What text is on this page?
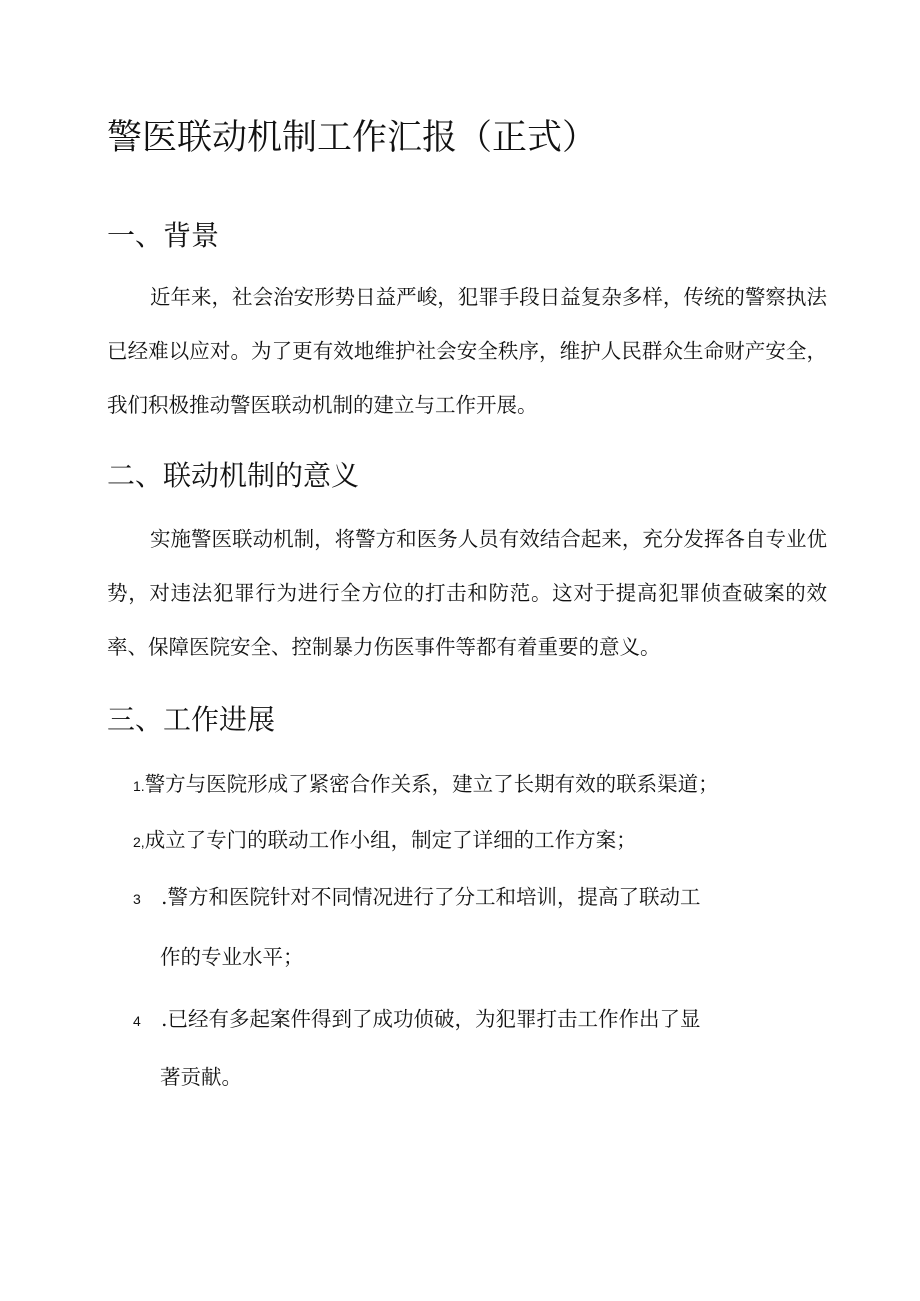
警医联动机制工作汇报（正式）
一、背景

近年来，社会治安形势日益严峻，犯罪手段日益复杂多样，传统的警察执法已经难以应对。为了更有效地维护社会安全秩序，维护人民群众生命财产安全，我们积极推动警医联动机制的建立与工作开展。

二、联动机制的意义

实施警医联动机制，将警方和医务人员有效结合起来，充分发挥各自专业优势，对违法犯罪行为进行全方位的打击和防范。这对于提高犯罪侦查破案的效率、保障医院安全、控制暴力伤医事件等都有着重要的意义。

三、工作进展
1.警方与医院形成了紧密合作关系，建立了长期有效的联系渠道；
2,成立了专门的联动工作小组，制定了详细的工作方案；
3 .警方和医院针对不同情况进行了分工和培训，提高了联动工
作的专业水平；
4 .已经有多起案件得到了成功侦破，为犯罪打击工作作出了显
著贡献。
